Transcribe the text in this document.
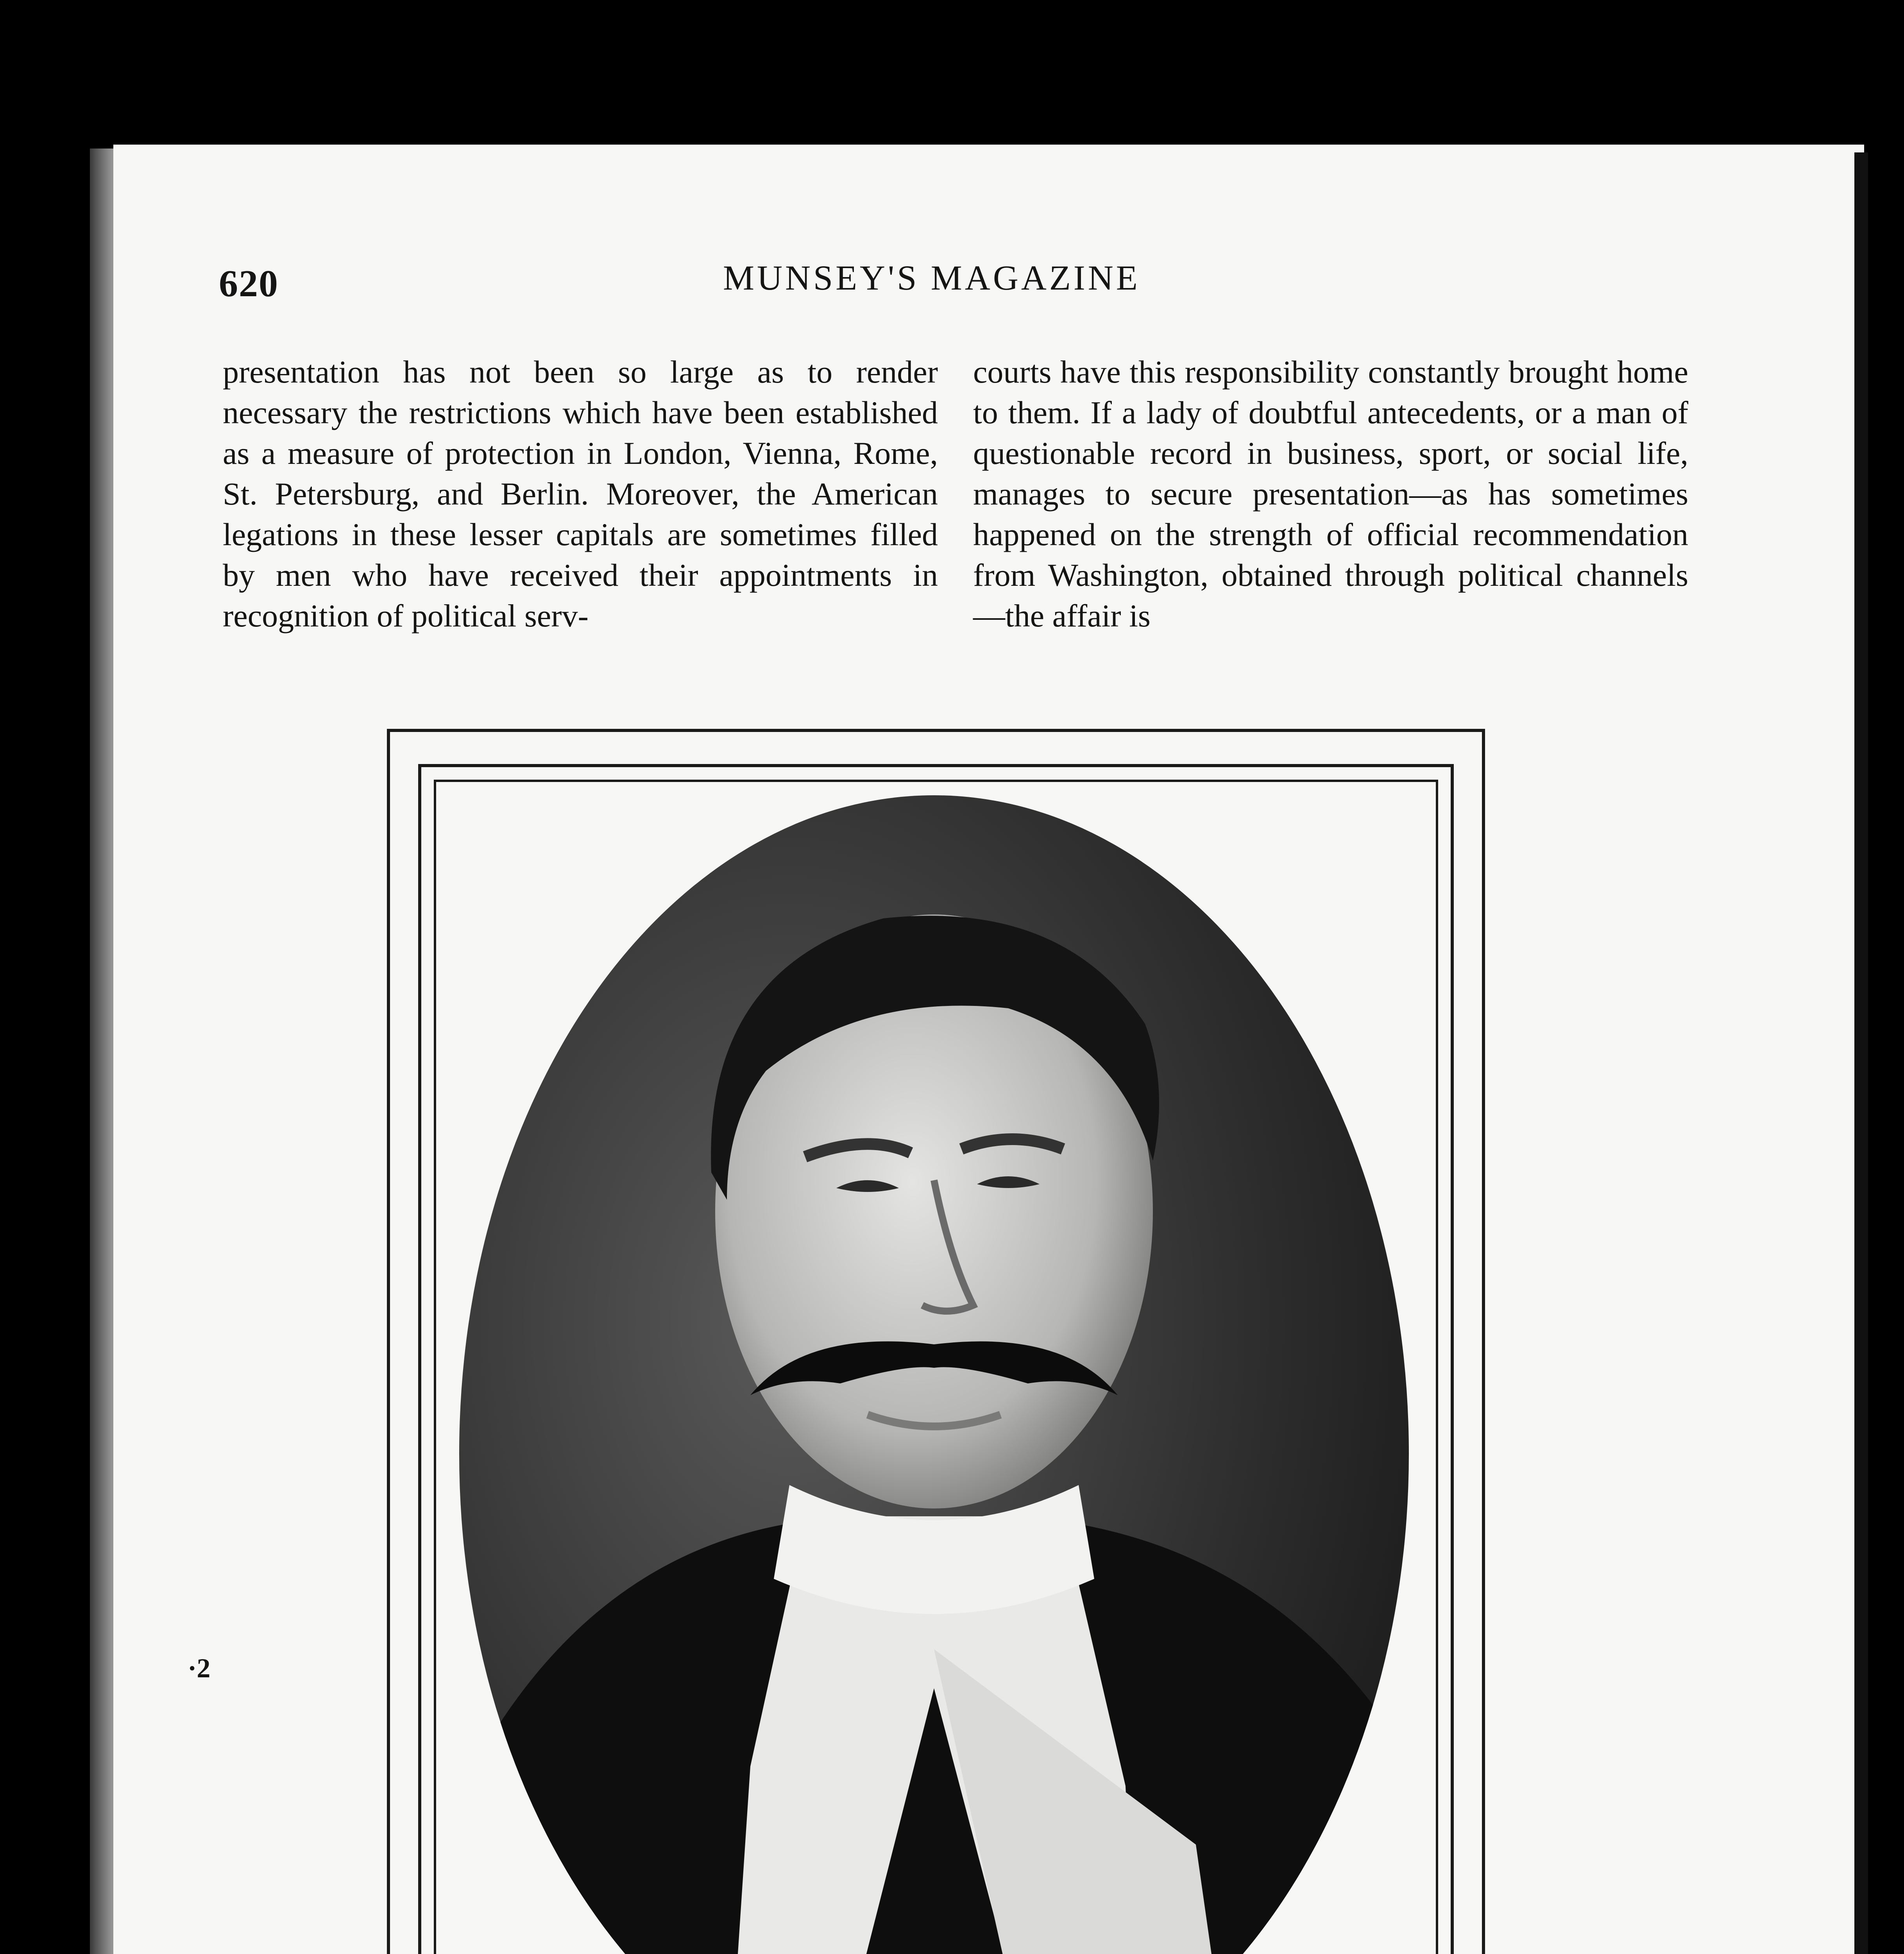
620	MUNSEY'S MAGAZINE

presentation has not been so large as to render necessary the restrictions which have been established as a measure of protection in London, Vienna, Rome, St. Petersburg, and Berlin. Moreover, the American legations in these lesser capitals are sometimes filled by men who have received their appointments in recognition of political serv-

courts have this responsibility constantly brought home to them. If a lady of doubtful antecedents, or a man of questionable record in business, sport, or social life, manages to secure presentation—as has sometimes happened on the strength of official recommendation from Washington, obtained through political channels—the affair is

·2
